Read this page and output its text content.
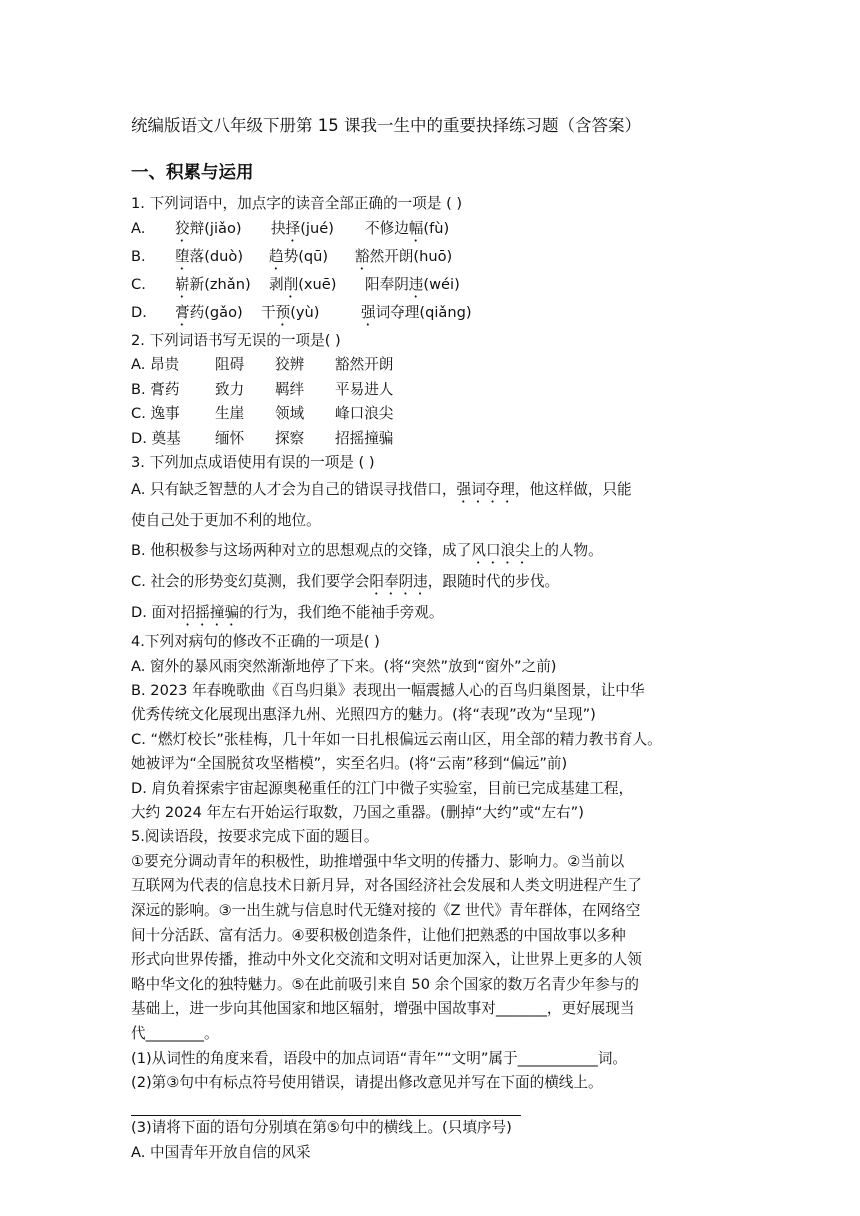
统编版语文八年级下册第 15 课我一生中的重要抉择练习题（含答案）
一、积累与运用
1. 下列词语中，加点字的读音全部正确的一项是 ( )
A.	狡辩(jiǎo)	抉择(jué)	不修边幅(fù)
B.	堕落(duò)	趋势(qū)	豁然开朗(huō)
C.	崭新(zhǎn)	剥削(xuē)	阳奉阴违(wéi)
D.	膏药(gǎo)	干预(yù)	强词夺理(qiǎng)
2. 下列词语书写无误的一项是( )
A. 昂贵	阻碍	狡辨	豁然开朗
B. 膏药	致力	羁绊	平易进人
C. 逸事	生崖	领域	峰口浪尖
D. 奠基	缅怀	探察	招摇撞骗
3. 下列加点成语使用有误的一项是 ( )
A. 只有缺乏智慧的人才会为自己的错误寻找借口，强词夺理，他这样做，只能
使自己处于更加不利的地位。
B. 他积极参与这场两种对立的思想观点的交锋，成了风口浪尖上的人物。
C. 社会的形势变幻莫测，我们要学会阳奉阴违，跟随时代的步伐。
D. 面对招摇撞骗的行为，我们绝不能袖手旁观。
4.下列对病句的修改不正确的一项是( )
A. 窗外的暴风雨突然渐渐地停了下来。(将“突然”放到“窗外”之前)
B. 2023 年春晚歌曲《百鸟归巢》表现出一幅震撼人心的百鸟归巢图景，让中华
优秀传统文化展现出惠泽九州、光照四方的魅力。(将“表现”改为“呈现”)
C. “燃灯校长”张桂梅，几十年如一日扎根偏远云南山区，用全部的精力教书育人。
她被评为“全国脱贫攻坚楷模”，实至名归。(将“云南”移到“偏远”前)
D. 肩负着探索宇宙起源奥秘重任的江门中微子实验室，目前已完成基建工程，
大约 2024 年左右开始运行取数，乃国之重器。(删掉“大约”或“左右”)
5.阅读语段，按要求完成下面的题目。
①要充分调动青年的积极性，助推增强中华文明的传播力、影响力。②当前以
互联网为代表的信息技术日新月异，对各国经济社会发展和人类文明进程产生了
深远的影响。③一出生就与信息时代无缝对接的《Z 世代》青年群体，在网络空
间十分活跃、富有活力。④要积极创造条件，让他们把熟悉的中国故事以多种
形式向世界传播，推动中外文化交流和文明对话更加深入，让世界上更多的人领
略中华文化的独特魅力。⑤在此前吸引来自 50 余个国家的数万名青少年参与的
基础上，进一步向其他国家和地区辐射，增强中国故事对_______，更好展现当
代________。
(1)从词性的角度来看，语段中的加点词语“青年”“文明”属于___________词。
(2)第③句中有标点符号使用错误，请提出修改意见并写在下面的横线上。
(3)请将下面的语句分别填在第⑤句中的横线上。(只填序号)
A. 中国青年开放自信的风采
